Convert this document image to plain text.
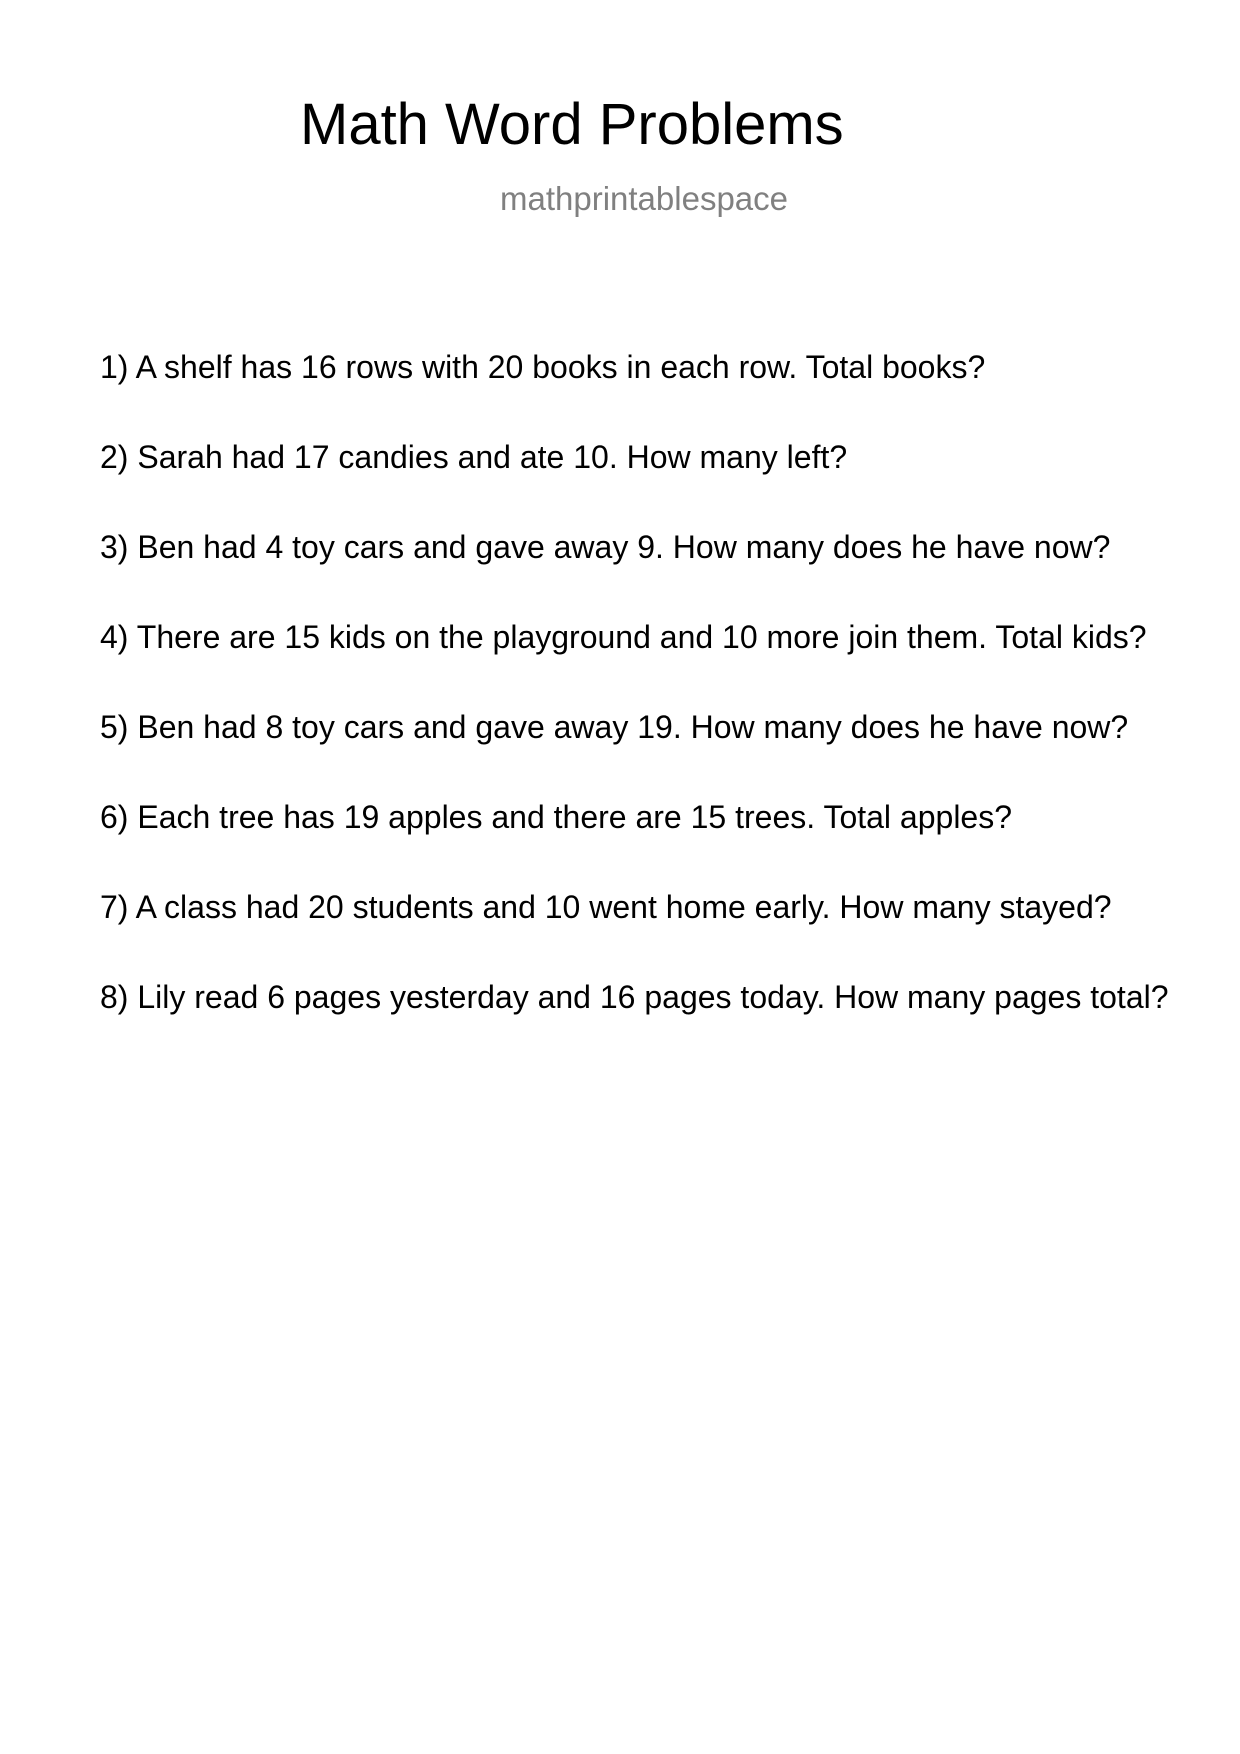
Math Word Problems
mathprintablespace
1) A shelf has 16 rows with 20 books in each row. Total books?
2) Sarah had 17 candies and ate 10. How many left?
3) Ben had 4 toy cars and gave away 9. How many does he have now?
4) There are 15 kids on the playground and 10 more join them. Total kids?
5) Ben had 8 toy cars and gave away 19. How many does he have now?
6) Each tree has 19 apples and there are 15 trees. Total apples?
7) A class had 20 students and 10 went home early. How many stayed?
8) Lily read 6 pages yesterday and 16 pages today. How many pages total?
